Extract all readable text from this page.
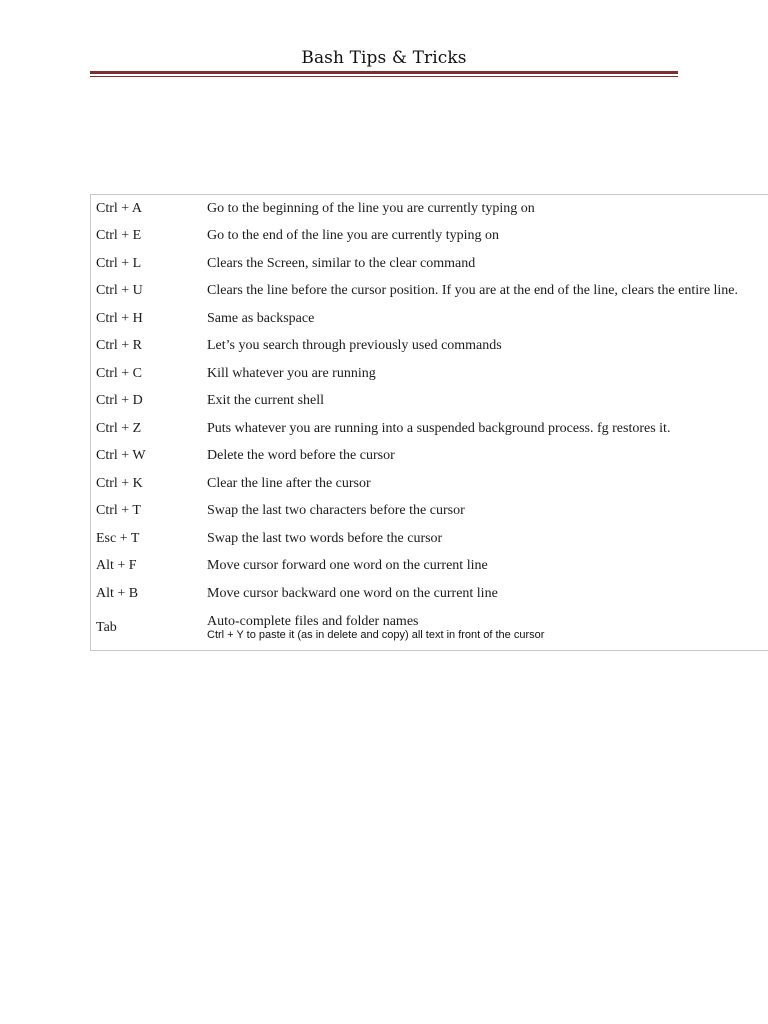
Bash Tips & Tricks
Ctrl + A	Go to the beginning of the line you are currently typing on
Ctrl + E	Go to the end of the line you are currently typing on
Ctrl + L	Clears the Screen, similar to the clear command
Ctrl + U	Clears the line before the cursor position. If you are at the end of the line, clears the entire line.
Ctrl + H	Same as backspace
Ctrl + R	Let’s you search through previously used commands
Ctrl + C	Kill whatever you are running
Ctrl + D	Exit the current shell
Ctrl + Z	Puts whatever you are running into a suspended background process. fg restores it.
Ctrl + W	Delete the word before the cursor
Ctrl + K	Clear the line after the cursor
Ctrl + T	Swap the last two characters before the cursor
Esc + T	Swap the last two words before the cursor
Alt + F	Move cursor forward one word on the current line
Alt + B	Move cursor backward one word on the current line
Tab	Auto-complete files and folder names
Ctrl + Y to paste it (as in delete and copy) all text in front of the cursor
